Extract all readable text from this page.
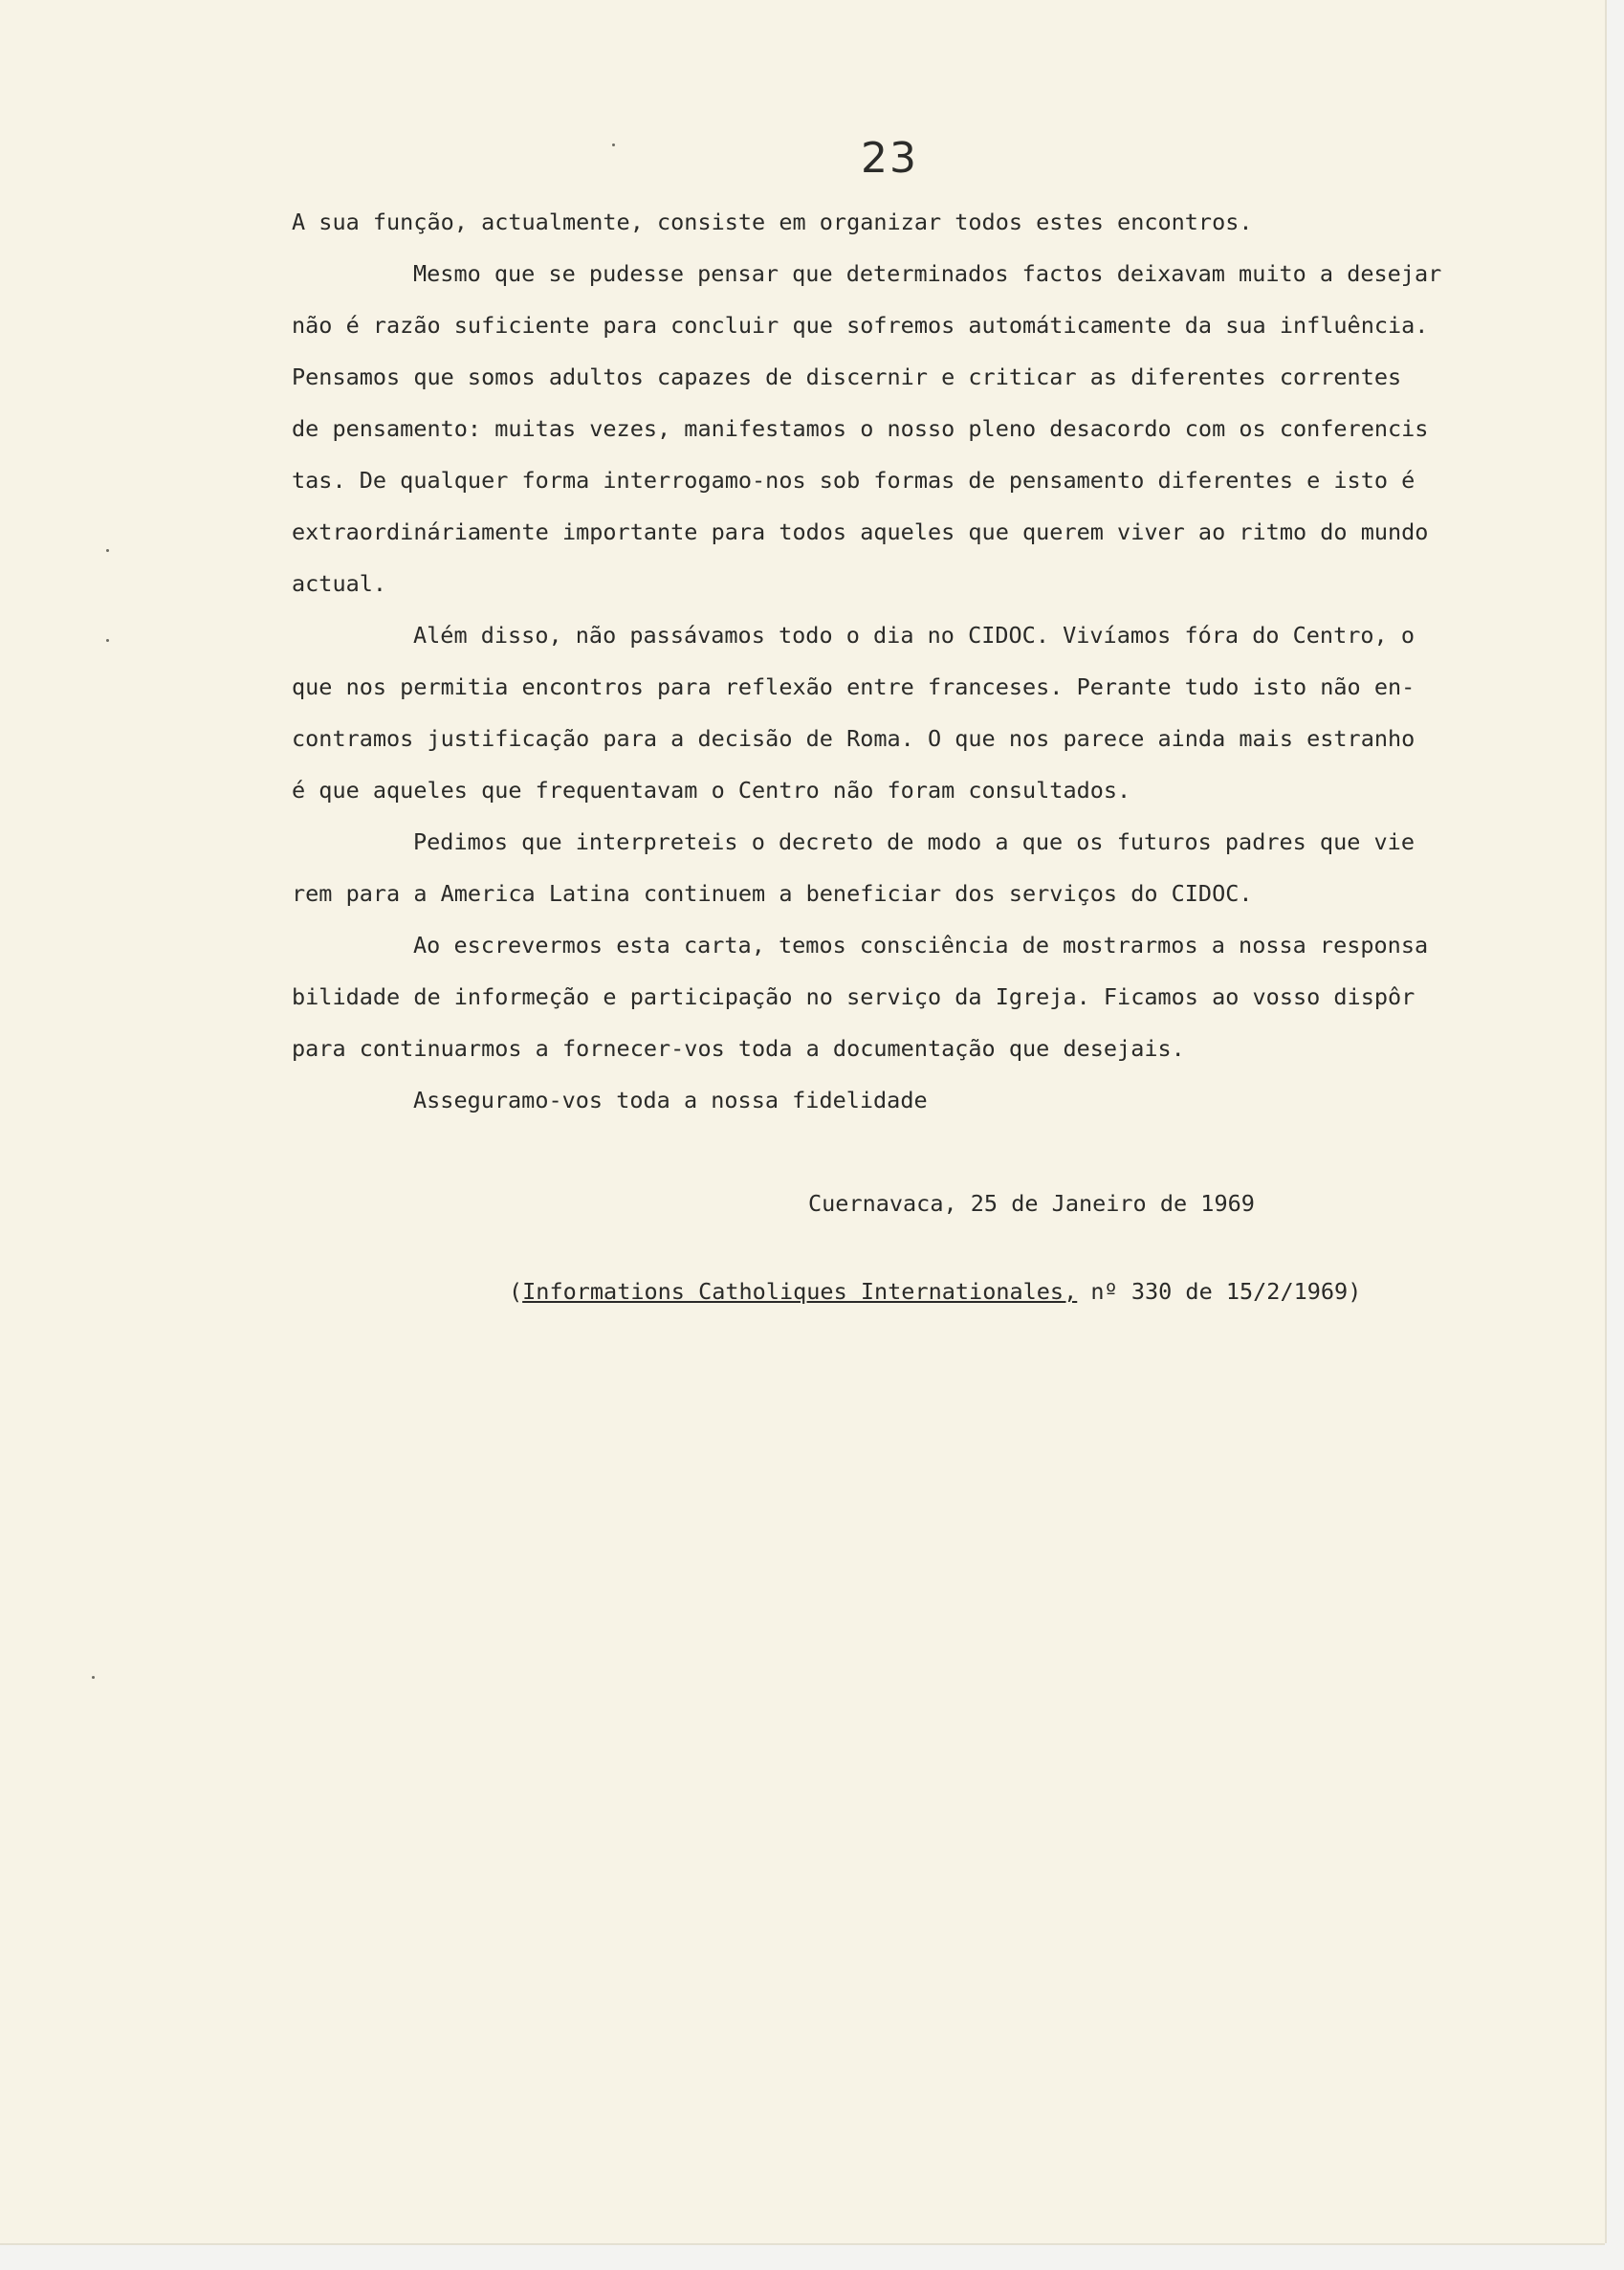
23
A sua função, actualmente, consiste em organizar todos estes encontros.
Mesmo que se pudesse pensar que determinados factos deixavam muito a desejar
não é razão suficiente para concluir que sofremos automáticamente da sua influência.
Pensamos que somos adultos capazes de discernir e criticar as diferentes correntes
de pensamento: muitas vezes, manifestamos o nosso pleno desacordo com os conferencis
tas. De qualquer forma interrogamo-nos sob formas de pensamento diferentes e isto é
extraordináriamente importante para todos aqueles que querem viver ao ritmo do mundo
actual.
Além disso, não passávamos todo o dia no CIDOC. Vivíamos fóra do Centro, o
que nos permitia encontros para reflexão entre franceses. Perante tudo isto não en-
contramos justificação para a decisão de Roma. O que nos parece ainda mais estranho
é que aqueles que frequentavam o Centro não foram consultados.
Pedimos que interpreteis o decreto de modo a que os futuros padres que vie
rem para a America Latina continuem a beneficiar dos serviços do CIDOC.
Ao escrevermos esta carta, temos consciência de mostrarmos a nossa responsa
bilidade de informeção e participação no serviço da Igreja. Ficamos ao vosso dispôr
para continuarmos a fornecer-vos toda a documentação que desejais.
Asseguramo-vos toda a nossa fidelidade
Cuernavaca, 25 de Janeiro de 1969
(Informations Catholiques Internationales, nº 330 de 15/2/1969)
